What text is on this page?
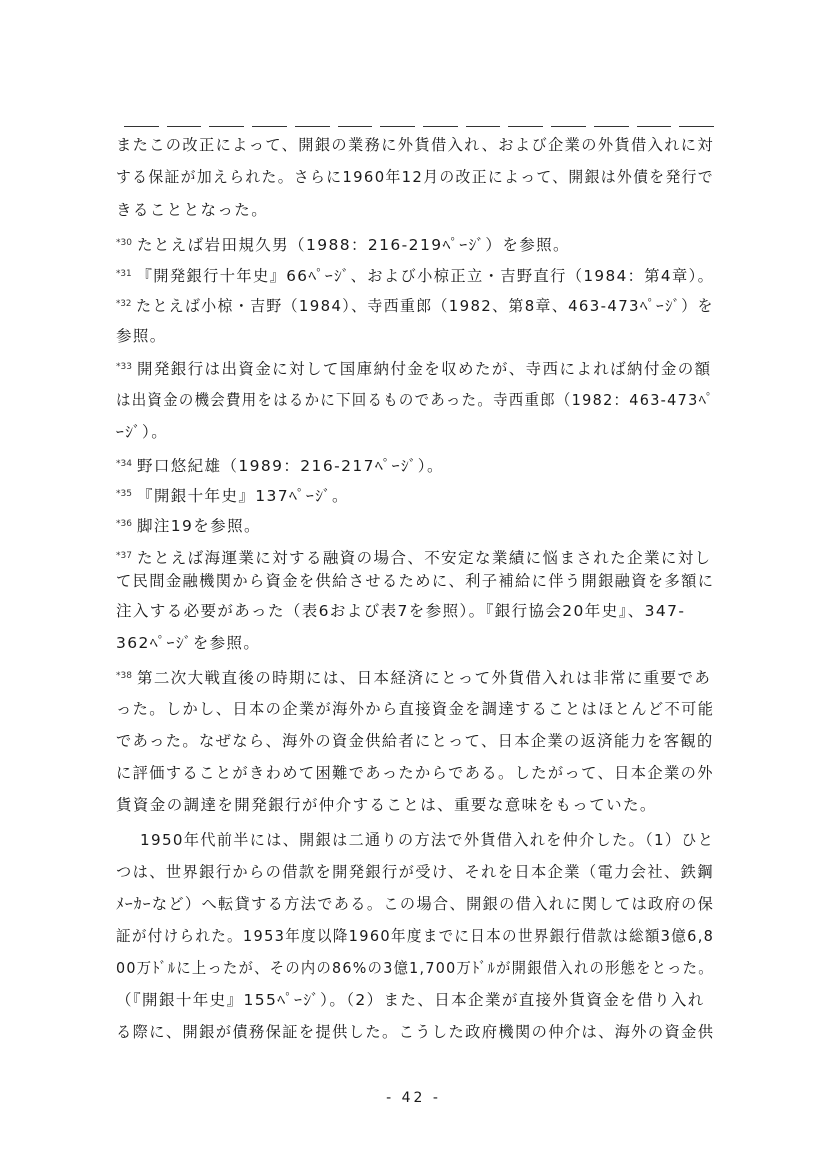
またこの改正によって、開銀の業務に外貨借入れ、および企業の外貨借入れに対
する保証が加えられた。さらに1960年12月の改正によって、開銀は外債を発行で
きることとなった。
$^{*30}$ たとえば岩田規久男（1988：216-219ﾍﾟｰｼﾞ）を参照。
$^{*31}$ 『開発銀行十年史』66ﾍﾟｰｼﾞ、および小椋正立・吉野直行（1984：第4章）。
$^{*32}$ たとえば小椋・吉野（1984）、寺西重郎（1982、第8章、463-473ﾍﾟｰｼﾞ）を
参照。
$^{*33}$ 開発銀行は出資金に対して国庫納付金を収めたが、寺西によれば納付金の額
は出資金の機会費用をはるかに下回るものであった。寺西重郎（1982：463-473ﾍﾟ
ｰｼﾞ）。
$^{*34}$ 野口悠紀雄（1989：216-217ﾍﾟｰｼﾞ）。
$^{*35}$ 『開銀十年史』137ﾍﾟｰｼﾞ。
$^{*36}$ 脚注19を参照。
$^{*37}$ たとえば海運業に対する融資の場合、不安定な業績に悩まされた企業に対し
て民間金融機関から資金を供給させるために、利子補給に伴う開銀融資を多額に
注入する必要があった（表6および表7を参照）。『銀行協会20年史』、347-
362ﾍﾟｰｼﾞを参照。
$^{*38}$ 第二次大戦直後の時期には、日本経済にとって外貨借入れは非常に重要であ
った。しかし、日本の企業が海外から直接資金を調達することはほとんど不可能
であった。なぜなら、海外の資金供給者にとって、日本企業の返済能力を客観的
に評価することがきわめて困難であったからである。したがって、日本企業の外
貨資金の調達を開発銀行が仲介することは、重要な意味をもっていた。
1950年代前半には、開銀は二通りの方法で外貨借入れを仲介した。（1）ひと
つは、世界銀行からの借款を開発銀行が受け、それを日本企業（電力会社、鉄鋼
ﾒｰｶｰなど）へ転貸する方法である。この場合、開銀の借入れに関しては政府の保
証が付けられた。1953年度以降1960年度までに日本の世界銀行借款は総額3億6,8
00万ﾄﾞﾙに上ったが、その内の86%の3億1,700万ﾄﾞﾙが開銀借入れの形態をとった。
（『開銀十年史』155ﾍﾟｰｼﾞ）。（2）また、日本企業が直接外貨資金を借り入れ
る際に、開銀が債務保証を提供した。こうした政府機関の仲介は、海外の資金供
- 42 -
